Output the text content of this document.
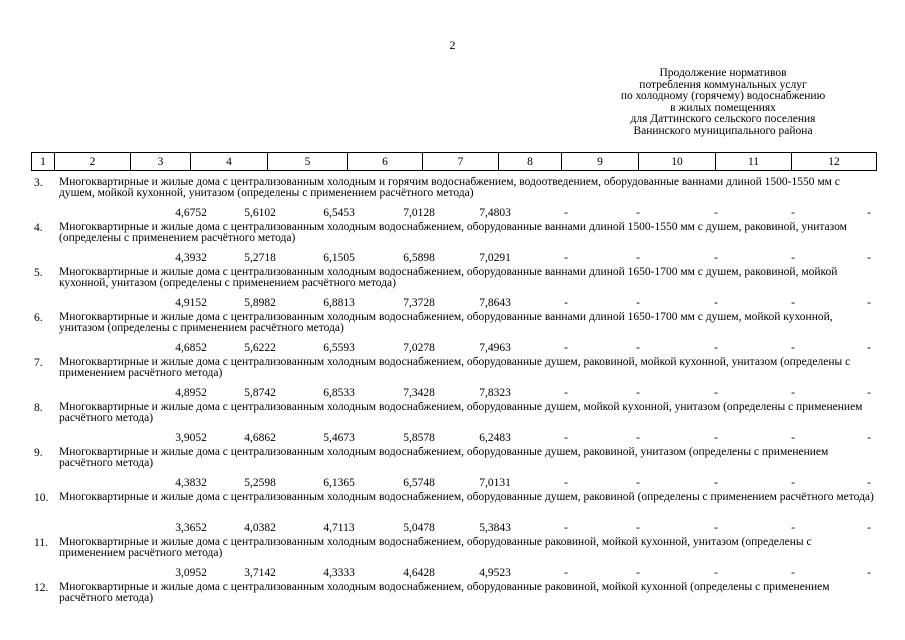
2
Продолжение нормативов
потребления коммунальных услуг
по холодному (горячему) водоснабжению
в жилых помещениях
для Даттинского сельского поселения
Ванинского муниципального района
1	2	3	4	5	6	7	8	9	10	11	12
3.	Многоквартирные и жилые дома с централизованным холодным и горячим водоснабжением, водоотведением, оборудованные ваннами длиной 1500-1550 мм с душем, мойкой кухонной, унитазом (определены с применением расчётного метода)
4,6752	5,6102	6,5453	7,0128	7,4803	-	-	-	-	-
4.	Многоквартирные и жилые дома с централизованным холодным водоснабжением, оборудованные ваннами длиной 1500-1550 мм с душем, раковиной, унитазом (определены с применением расчётного метода)
4,3932	5,2718	6,1505	6,5898	7,0291	-	-	-	-	-
5.	Многоквартирные и жилые дома с централизованным холодным водоснабжением, оборудованные ваннами длиной 1650-1700 мм с душем, раковиной, мойкой кухонной, унитазом (определены с применением расчётного метода)
4,9152	5,8982	6,8813	7,3728	7,8643	-	-	-	-	-
6.	Многоквартирные и жилые дома с централизованным холодным водоснабжением, оборудованные ваннами длиной 1650-1700 мм с душем, мойкой кухонной, унитазом (определены с применением расчётного метода)
4,6852	5,6222	6,5593	7,0278	7,4963	-	-	-	-	-
7.	Многоквартирные и жилые дома с централизованным холодным водоснабжением, оборудованные душем, раковиной, мойкой кухонной, унитазом (определены с применением расчётного метода)
4,8952	5,8742	6,8533	7,3428	7,8323	-	-	-	-	-
8.	Многоквартирные и жилые дома с централизованным холодным водоснабжением, оборудованные душем, мойкой кухонной, унитазом (определены с применением расчётного метода)
3,9052	4,6862	5,4673	5,8578	6,2483	-	-	-	-	-
9.	Многоквартирные и жилые дома с централизованным холодным водоснабжением, оборудованные душем, раковиной, унитазом (определены с применением расчётного метода)
4,3832	5,2598	6,1365	6,5748	7,0131	-	-	-	-	-
10. Многоквартирные и жилые дома с централизованным холодным водоснабжением, оборудованные душем, раковиной (определены с применением расчётного метода)
3,3652	4,0382	4,7113	5,0478	5,3843	-	-	-	-	-
11. Многоквартирные и жилые дома с централизованным холодным водоснабжением, оборудованные раковиной, мойкой кухонной, унитазом (определены с применением расчётного метода)
3,0952	3,7142	4,3333	4,6428	4,9523	-	-	-	-	-
12. Многоквартирные и жилые дома с централизованным холодным водоснабжением, оборудованные раковиной, мойкой кухонной (определены с применением расчётного метода)
